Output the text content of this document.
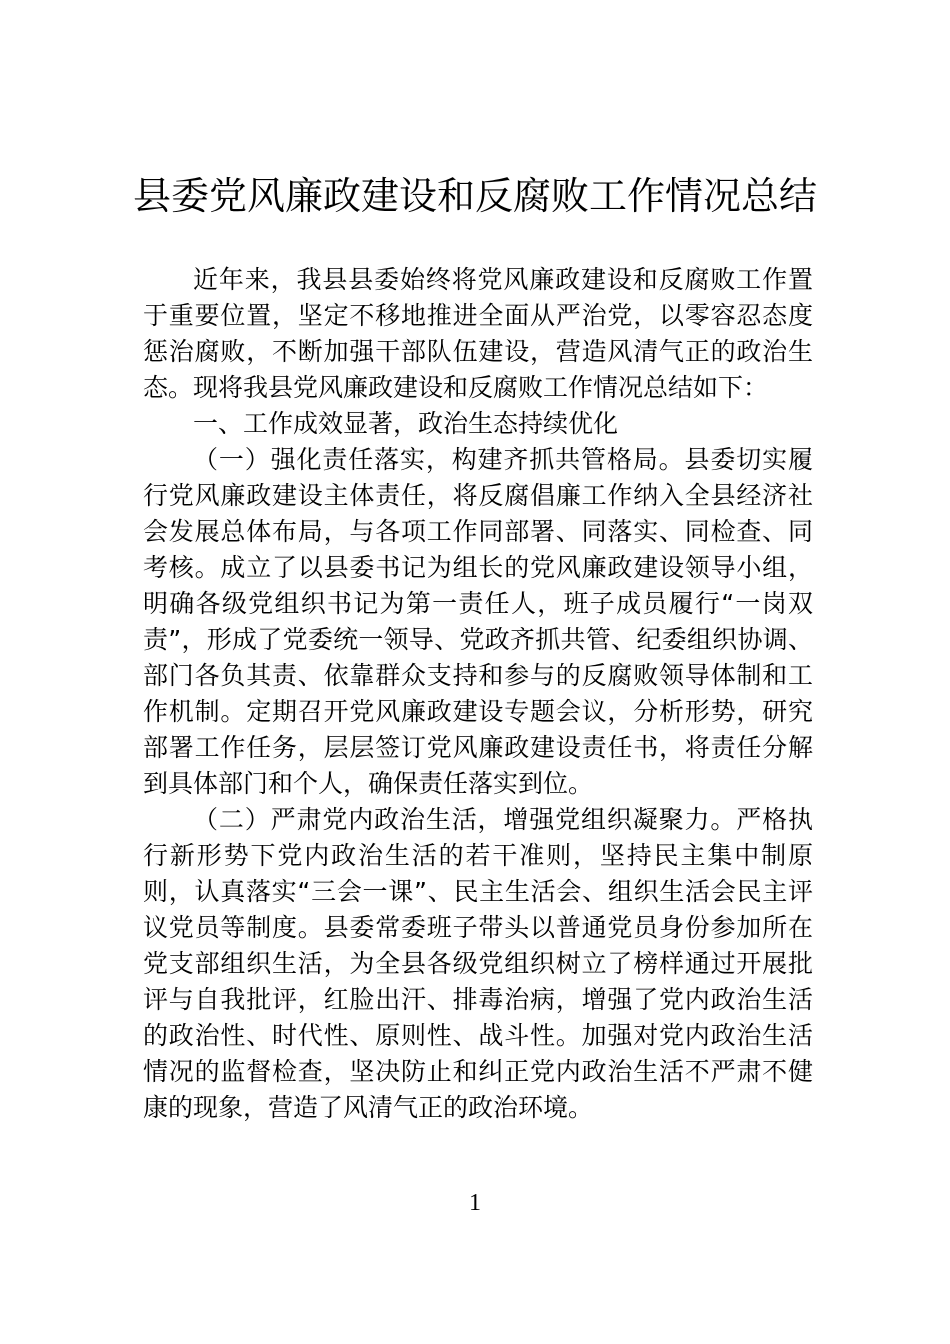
县委党风廉政建设和反腐败工作情况总结

近年来，我县县委始终将党风廉政建设和反腐败工作置于重要位置，坚定不移地推进全面从严治党，以零容忍态度惩治腐败，不断加强干部队伍建设，营造风清气正的政治生态。现将我县党风廉政建设和反腐败工作情况总结如下：

一、工作成效显著，政治生态持续优化

（一）强化责任落实，构建齐抓共管格局。县委切实履行党风廉政建设主体责任，将反腐倡廉工作纳入全县经济社会发展总体布局，与各项工作同部署、同落实、同检查、同考核。成立了以县委书记为组长的党风廉政建设领导小组，明确各级党组织书记为第一责任人，班子成员履行“一岗双责”，形成了党委统一领导、党政齐抓共管、纪委组织协调、部门各负其责、依靠群众支持和参与的反腐败领导体制和工作机制。定期召开党风廉政建设专题会议，分析形势，研究部署工作任务，层层签订党风廉政建设责任书，将责任分解到具体部门和个人，确保责任落实到位。

（二）严肃党内政治生活，增强党组织凝聚力。严格执行新形势下党内政治生活的若干准则，坚持民主集中制原则，认真落实“三会一课”、民主生活会、组织生活会民主评议党员等制度。县委常委班子带头以普通党员身份参加所在党支部组织生活，为全县各级党组织树立了榜样通过开展批评与自我批评，红脸出汗、排毒治病，增强了党内政治生活的政治性、时代性、原则性、战斗性。加强对党内政治生活情况的监督检查，坚决防止和纠正党内政治生活不严肃不健康的现象，营造了风清气正的政治环境。

1
